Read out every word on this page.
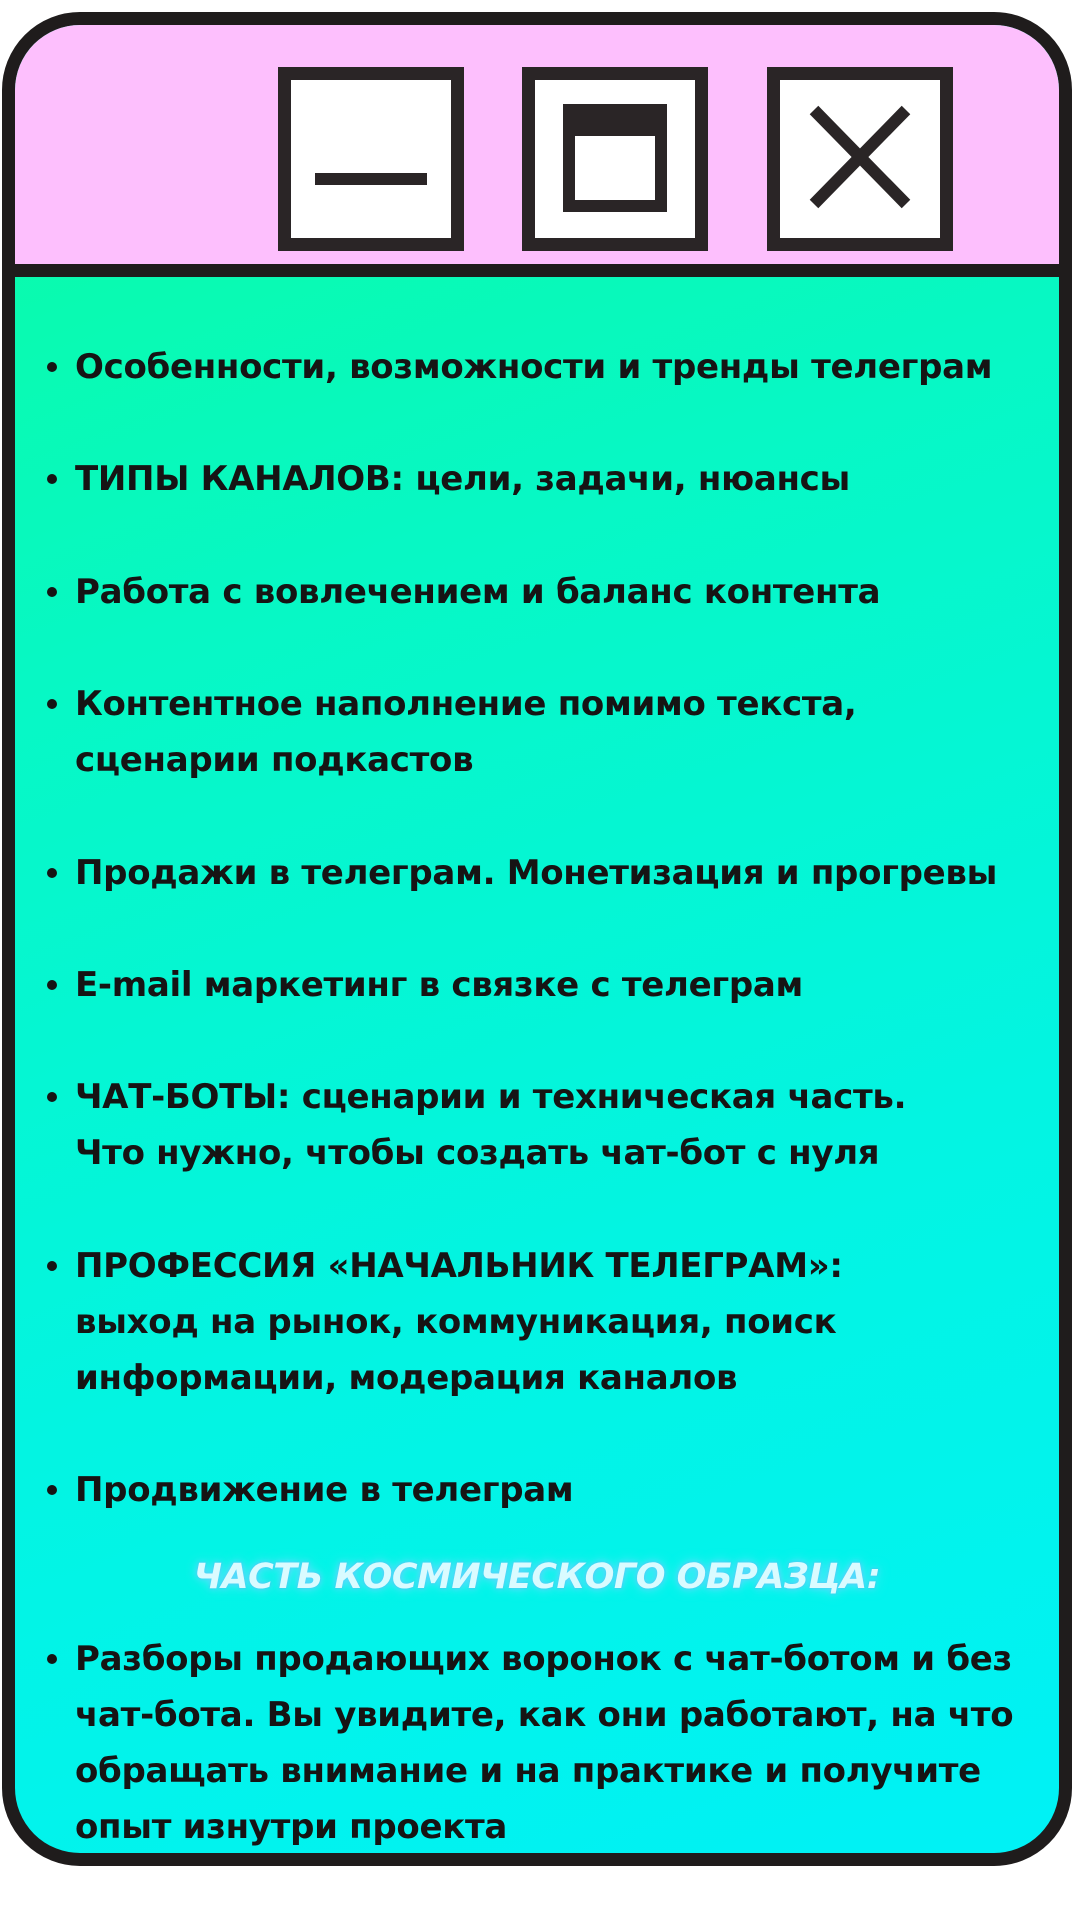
Особенности, возможности и тренды телеграм
ТИПЫ КАНАЛОВ: цели, задачи, нюансы
Работа с вовлечением и баланс контента
Контентное наполнение помимо текста,
сценарии подкастов
Продажи в телеграм. Монетизация и прогревы
E-mail маркетинг в связке с телеграм
ЧАТ-БОТЫ: сценарии и техническая часть.
Что нужно, чтобы создать чат-бот с нуля
ПРОФЕССИЯ «НАЧАЛЬНИК ТЕЛЕГРАМ»:
выход на рынок, коммуникация, поиск
информации, модерация каналов
Продвижение в телеграм
ЧАСТЬ КОСМИЧЕСКОГО ОБРАЗЦА:
Разборы продающих воронок с чат-ботом и без
чат-бота. Вы увидите, как они работают, на что
обращать внимание и на практике и получите
опыт изнутри проекта
